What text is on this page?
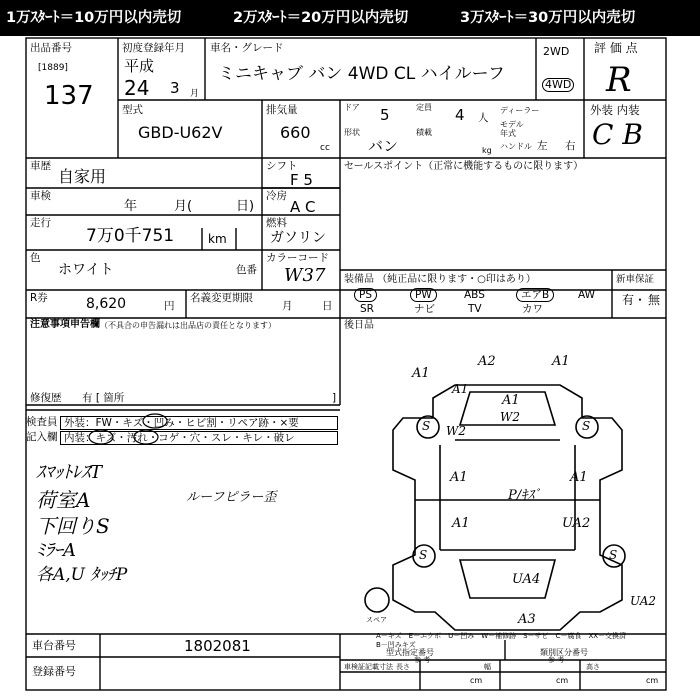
1万ｽﾀｰﾄ＝10万円以内売切	2万ｽﾀｰﾄ＝20万円以内売切	3万ｽﾀｰﾄ＝30万円以内売切
出品番号
[1889]
137
初度登録年月
平成
24 3 月
車名・グレード
ミニキャブ バン 4WD CL ハイルーフ
2WD
4WD
評 価 点
R
型式
GBD-U62V
排気量
660
cc
ドア 5	定員 4 人
形状
バン
積載
kg
ディーラー
モデル
年式
ハンドル 左 右
外装 内装
C B
車歴
自家用
車検
年	月(	日)
走行
7万0千751	km
色
ホワイト	色番 W37
シフト
F 5
冷房
A C
燃料
ガソリン
カラーコード
セールスポイント（正常に機能するものに限ります）
R券	8,620	円
名義変更期限
月	日
装備品 （純正品に限ります・○印はあり）
PS	PW	ABS	エアB	AW
SR	ナビ	TV	カワ
新車保証
有 ・ 無
注意事項申告欄 （不具合の申告漏れは出品店の責任となります）
修復歴 有 [ 箇所	]
後日品
検査員
記入欄
外装：FW・キズ・凹み・ヒビ割・リペア跡・×要
内装：キズ・汚れ・コゲ・穴・スレ・キレ・破レ
ｽﾏｯﾄﾚｽT
荷室A
下回りS
ﾐﾗｰA
各A,U ﾀｯﾁP
ルーフピラー歪
A1
A2	A1
A1
A1
W2
W2
P/ｷｽﾞ
A1
A1
A1
UA2
UA4
A3
UA2
S	S
S	S
スペア
A－キズ　E－エクボ　U－凹み　W－補修跡　S－サビ　C－腐食　XX－交換済
B－凹みキズ
車台番号	1802081
登録番号
型式指定番号	類別区分番号
参 考	参 考
車検証記載寸法 長さ	幅	高さ
cm	cm	cm
